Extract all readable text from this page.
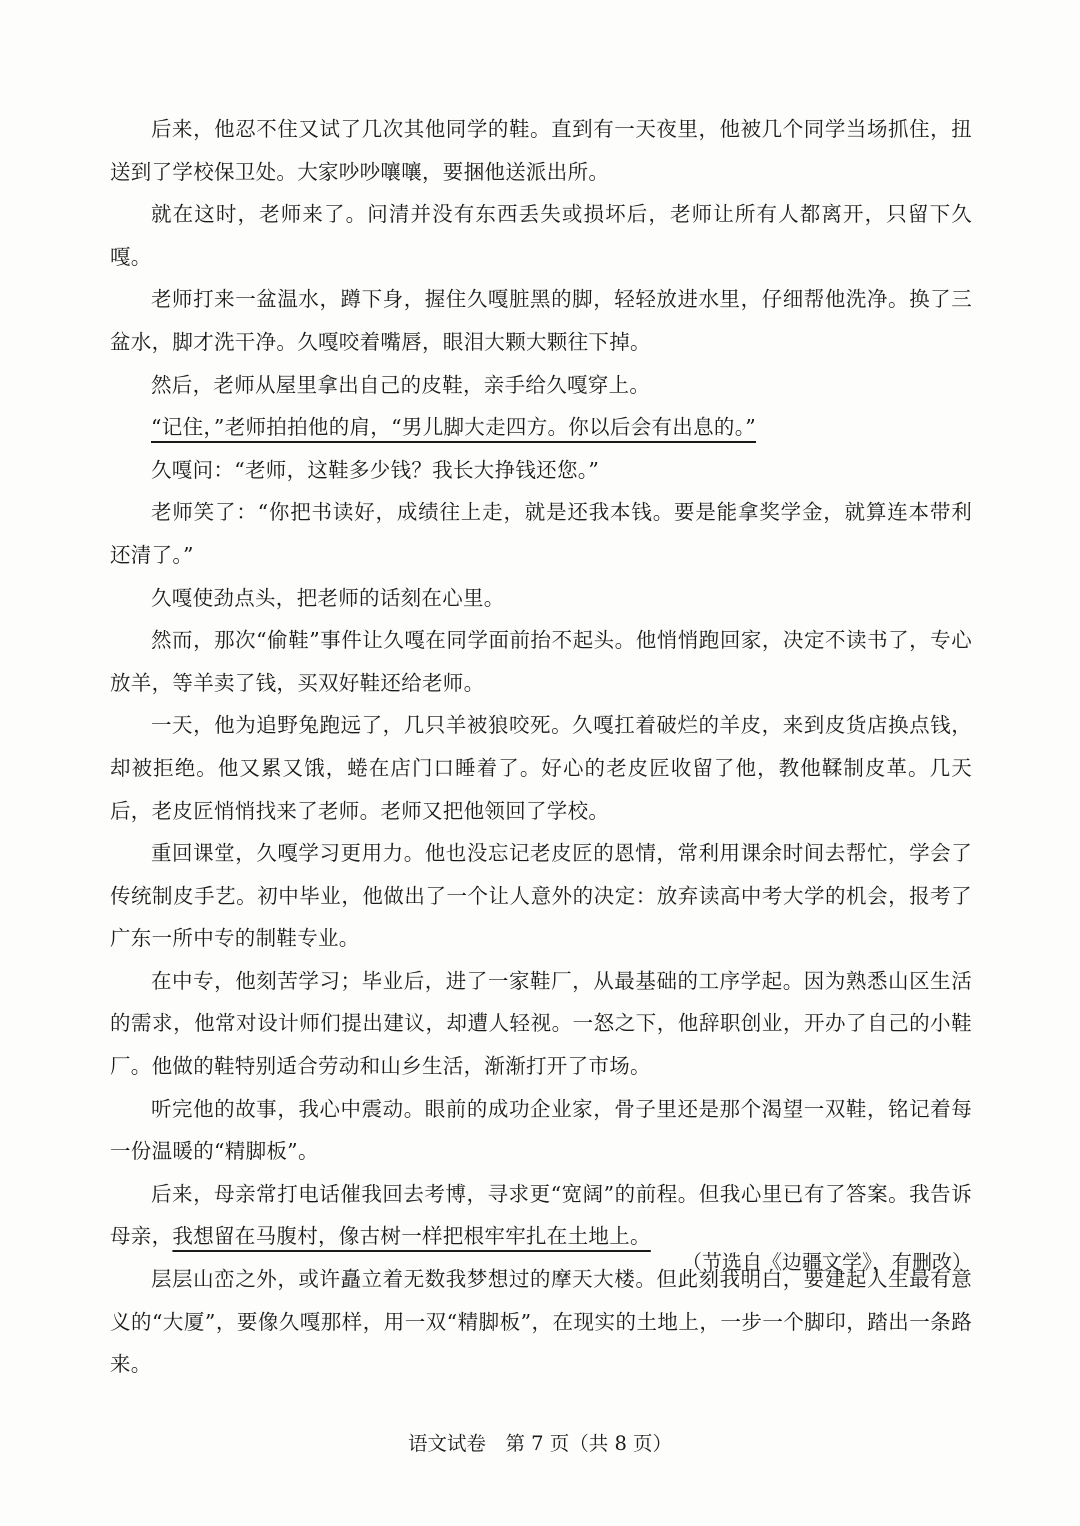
后来，他忍不住又试了几次其他同学的鞋。直到有一天夜里，他被几个同学当场抓住，扭送到了学校保卫处。大家吵吵嚷嚷，要捆他送派出所。

就在这时，老师来了。问清并没有东西丢失或损坏后，老师让所有人都离开，只留下久嘎。

老师打来一盆温水，蹲下身，握住久嘎脏黑的脚，轻轻放进水里，仔细帮他洗净。换了三盆水，脚才洗干净。久嘎咬着嘴唇，眼泪大颗大颗往下掉。

然后，老师从屋里拿出自己的皮鞋，亲手给久嘎穿上。

“记住，”老师拍拍他的肩，“男儿脚大走四方。你以后会有出息的。”

久嘎问：“老师，这鞋多少钱？我长大挣钱还您。”

老师笑了：“你把书读好，成绩往上走，就是还我本钱。要是能拿奖学金，就算连本带利还清了。”

久嘎使劲点头，把老师的话刻在心里。

然而，那次“偷鞋”事件让久嘎在同学面前抬不起头。他悄悄跑回家，决定不读书了，专心放羊，等羊卖了钱，买双好鞋还给老师。

一天，他为追野兔跑远了，几只羊被狼咬死。久嘎扛着破烂的羊皮，来到皮货店换点钱，却被拒绝。他又累又饿，蜷在店门口睡着了。好心的老皮匠收留了他，教他鞣制皮革。几天后，老皮匠悄悄找来了老师。老师又把他领回了学校。

重回课堂，久嘎学习更用力。他也没忘记老皮匠的恩情，常利用课余时间去帮忙，学会了传统制皮手艺。初中毕业，他做出了一个让人意外的决定：放弃读高中考大学的机会，报考了广东一所中专的制鞋专业。

在中专，他刻苦学习；毕业后，进了一家鞋厂，从最基础的工序学起。因为熟悉山区生活的需求，他常对设计师们提出建议，却遭人轻视。一怒之下，他辞职创业，开办了自己的小鞋厂。他做的鞋特别适合劳动和山乡生活，渐渐打开了市场。

听完他的故事，我心中震动。眼前的成功企业家，骨子里还是那个渴望一双鞋，铭记着每一份温暖的“精脚板”。

后来，母亲常打电话催我回去考博，寻求更“宽阔”的前程。但我心里已有了答案。我告诉母亲，我想留在马腹村，像古树一样把根牢牢扎在土地上。

层层山峦之外，或许矗立着无数我梦想过的摩天大楼。但此刻我明白，要建起人生最有意义的“大厦”，要像久嘎那样，用一双“精脚板”，在现实的土地上，一步一个脚印，踏出一条路来。

（节选自《边疆文学》，有删改）
语文试卷　第 7 页（共 8 页）
